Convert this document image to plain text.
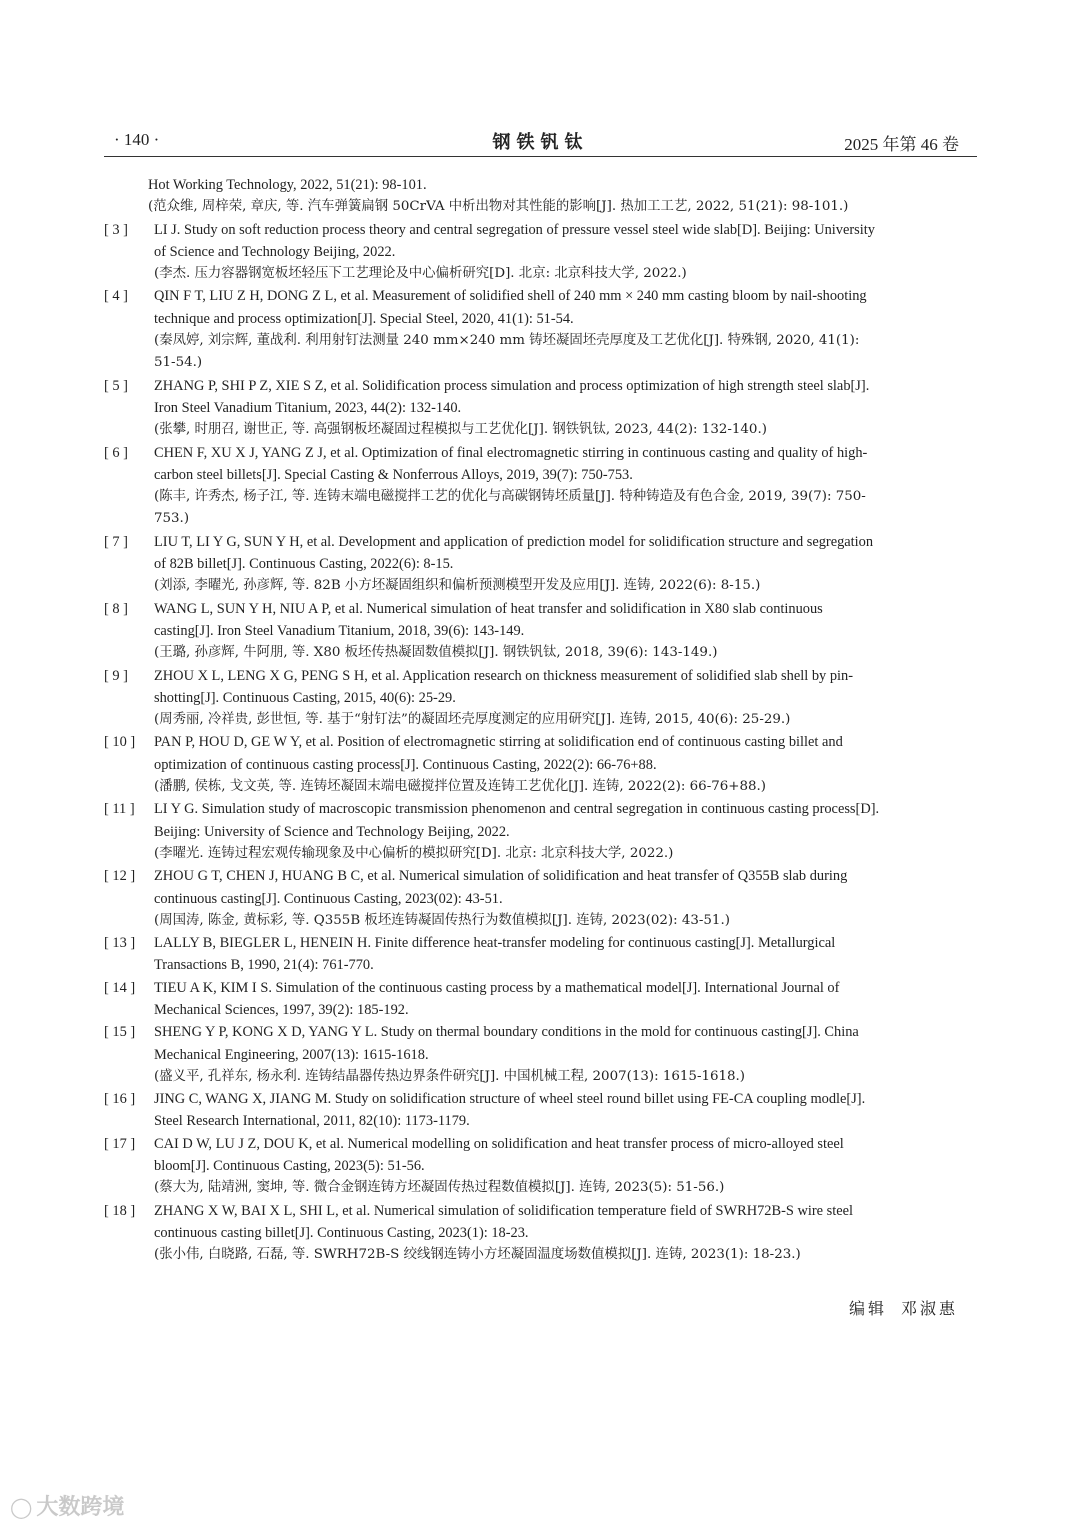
· 140 ·	钢铁钒钛	2025 年第 46 卷
Hot Working Technology, 2022, 51(21): 98-101.
(范众维, 周梓荣, 章庆, 等. 汽车弹簧扁钢 50CrVA 中析出物对其性能的影响[J]. 热加工工艺, 2022, 51(21): 98-101.)
[ 3 ]	LI J. Study on soft reduction process theory and central segregation of pressure vessel steel wide slab[D]. Beijing: University
of Science and Technology Beijing, 2022.
(李杰. 压力容器钢宽板坯轻压下工艺理论及中心偏析研究[D]. 北京: 北京科技大学, 2022.)
[ 4 ]	QIN F T, LIU Z H, DONG Z L, et al. Measurement of solidified shell of 240 mm × 240 mm casting bloom by nail-shooting
technique and process optimization[J]. Special Steel, 2020, 41(1): 51-54.
(秦凤婷, 刘宗辉, 董战利. 利用射钉法测量 240 mm×240 mm 铸坯凝固坯壳厚度及工艺优化[J]. 特殊钢, 2020, 41(1):
51-54.)
[ 5 ]	ZHANG P, SHI P Z, XIE S Z, et al. Solidification process simulation and process optimization of high strength steel slab[J].
Iron Steel Vanadium Titanium, 2023, 44(2): 132-140.
(张攀, 时朋召, 谢世正, 等. 高强钢板坯凝固过程模拟与工艺优化[J]. 钢铁钒钛, 2023, 44(2): 132-140.)
[ 6 ]	CHEN F, XU X J, YANG Z J, et al. Optimization of final electromagnetic stirring in continuous casting and quality of high-
carbon steel billets[J]. Special Casting & Nonferrous Alloys, 2019, 39(7): 750-753.
(陈丰, 许秀杰, 杨子江, 等. 连铸末端电磁搅拌工艺的优化与高碳钢铸坯质量[J]. 特种铸造及有色合金, 2019, 39(7): 750-
753.)
[ 7 ]	LIU T, LI Y G, SUN Y H, et al. Development and application of prediction model for solidification structure and segregation
of 82B billet[J]. Continuous Casting, 2022(6): 8-15.
(刘添, 李曜光, 孙彦辉, 等. 82B 小方坯凝固组织和偏析预测模型开发及应用[J]. 连铸, 2022(6): 8-15.)
[ 8 ]	WANG L, SUN Y H, NIU A P, et al. Numerical simulation of heat transfer and solidification in X80 slab continuous
casting[J]. Iron Steel Vanadium Titanium, 2018, 39(6): 143-149.
(王璐, 孙彦辉, 牛阿朋, 等. X80 板坯传热凝固数值模拟[J]. 钢铁钒钛, 2018, 39(6): 143-149.)
[ 9 ]	ZHOU X L, LENG X G, PENG S H, et al. Application research on thickness measurement of solidified slab shell by pin-
shotting[J]. Continuous Casting, 2015, 40(6): 25-29.
(周秀丽, 冷祥贵, 彭世恒, 等. 基于“射钉法”的凝固坯壳厚度测定的应用研究[J]. 连铸, 2015, 40(6): 25-29.)
[ 10 ]	PAN P, HOU D, GE W Y, et al. Position of electromagnetic stirring at solidification end of continuous casting billet and
optimization of continuous casting process[J]. Continuous Casting, 2022(2): 66-76+88.
(潘鹏, 侯栋, 戈文英, 等. 连铸坯凝固末端电磁搅拌位置及连铸工艺优化[J]. 连铸, 2022(2): 66-76+88.)
[ 11 ]	LI Y G. Simulation study of macroscopic transmission phenomenon and central segregation in continuous casting process[D].
Beijing: University of Science and Technology Beijing, 2022.
(李曜光. 连铸过程宏观传输现象及中心偏析的模拟研究[D]. 北京: 北京科技大学, 2022.)
[ 12 ]	ZHOU G T, CHEN J, HUANG B C, et al. Numerical simulation of solidification and heat transfer of Q355B slab during
continuous casting[J]. Continuous Casting, 2023(02): 43-51.
(周国涛, 陈金, 黄标彩, 等. Q355B 板坯连铸凝固传热行为数值模拟[J]. 连铸, 2023(02): 43-51.)
[ 13 ]	LALLY B, BIEGLER L, HENEIN H. Finite difference heat-transfer modeling for continuous casting[J]. Metallurgical
Transactions B, 1990, 21(4): 761-770.
[ 14 ]	TIEU A K, KIM I S. Simulation of the continuous casting process by a mathematical model[J]. International Journal of
Mechanical Sciences, 1997, 39(2): 185-192.
[ 15 ]	SHENG Y P, KONG X D, YANG Y L. Study on thermal boundary conditions in the mold for continuous casting[J]. China
Mechanical Engineering, 2007(13): 1615-1618.
(盛义平, 孔祥东, 杨永利. 连铸结晶器传热边界条件研究[J]. 中国机械工程, 2007(13): 1615-1618.)
[ 16 ]	JING C, WANG X, JIANG M. Study on solidification structure of wheel steel round billet using FE-CA coupling modle[J].
Steel Research International, 2011, 82(10): 1173-1179.
[ 17 ]	CAI D W, LU J Z, DOU K, et al. Numerical modelling on solidification and heat transfer process of micro-alloyed steel
bloom[J]. Continuous Casting, 2023(5): 51-56.
(蔡大为, 陆靖洲, 窦坤, 等. 微合金钢连铸方坯凝固传热过程数值模拟[J]. 连铸, 2023(5): 51-56.)
[ 18 ]	ZHANG X W, BAI X L, SHI L, et al. Numerical simulation of solidification temperature field of SWRH72B-S wire steel
continuous casting billet[J]. Continuous Casting, 2023(1): 18-23.
(张小伟, 白晓路, 石磊, 等. SWRH72B-S 绞线钢连铸小方坯凝固温度场数值模拟[J]. 连铸, 2023(1): 18-23.)
编辑 邓淑惠
◯ 大数跨境
